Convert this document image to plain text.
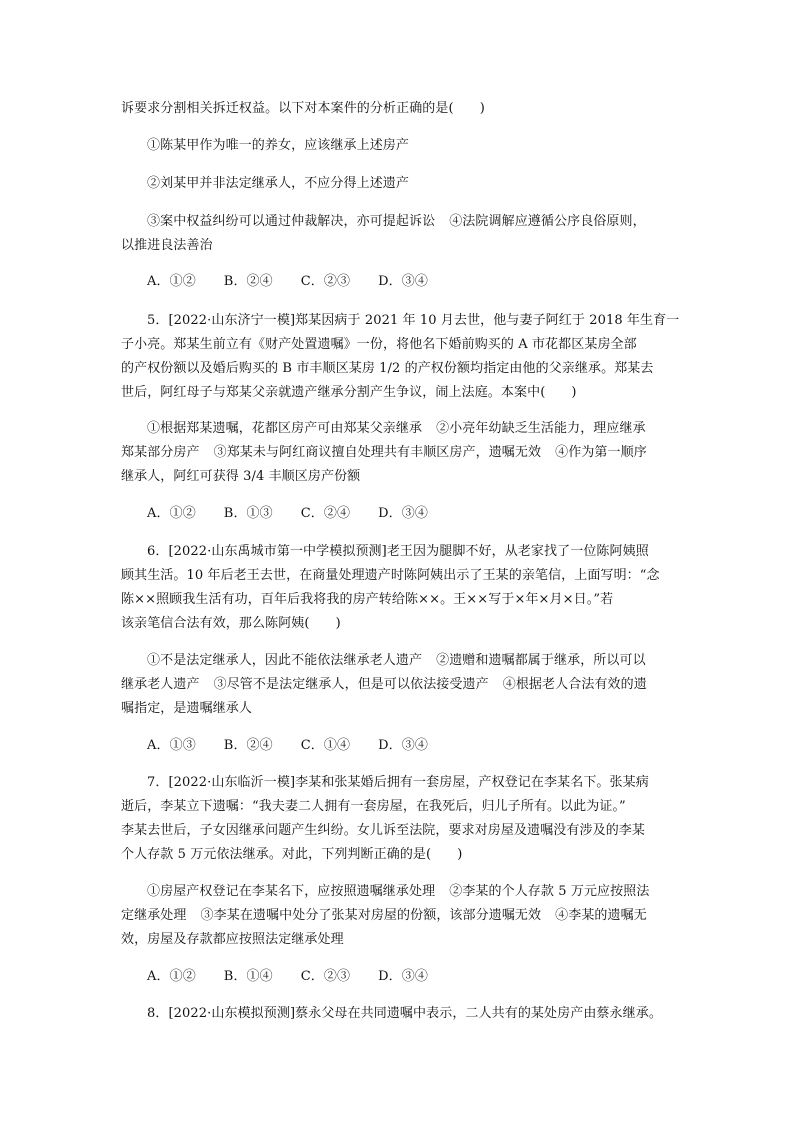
诉要求分割相关拆迁权益。以下对本案件的分析正确的是( )
①陈某甲作为唯一的养女，应该继承上述房产
②刘某甲并非法定继承人，不应分得上述遗产
③案中权益纠纷可以通过仲裁解决，亦可提起诉讼 ④法院调解应遵循公序良俗原则，
以推进良法善治
A．①② B．②④ C．②③ D．③④
5．[2022·山东济宁一模]郑某因病于 2021 年 10 月去世，他与妻子阿红于 2018 年生育一
子小亮。郑某生前立有《财产处置遗嘱》一份，将他名下婚前购买的 A 市花都区某房全部
的产权份额以及婚后购买的 B 市丰顺区某房 1/2 的产权份额均指定由他的父亲继承。郑某去
世后，阿红母子与郑某父亲就遗产继承分割产生争议，闹上法庭。本案中( )
①根据郑某遗嘱，花都区房产可由郑某父亲继承 ②小亮年幼缺乏生活能力，理应继承
郑某部分房产 ③郑某未与阿红商议擅自处理共有丰顺区房产，遗嘱无效 ④作为第一顺序
继承人，阿红可获得 3/4 丰顺区房产份额
A．①② B．①③ C．②④ D．③④
6．[2022·山东禹城市第一中学模拟预测]老王因为腿脚不好，从老家找了一位陈阿姨照
顾其生活。10 年后老王去世，在商量处理遗产时陈阿姨出示了王某的亲笔信，上面写明：“念
陈××照顾我生活有功，百年后我将我的房产转给陈××。王××写于×年×月×日。”若
该亲笔信合法有效，那么陈阿姨( )
①不是法定继承人，因此不能依法继承老人遗产 ②遗赠和遗嘱都属于继承，所以可以
继承老人遗产 ③尽管不是法定继承人，但是可以依法接受遗产 ④根据老人合法有效的遗
嘱指定，是遗嘱继承人
A．①③ B．②④ C．①④ D．③④
7．[2022·山东临沂一模]李某和张某婚后拥有一套房屋，产权登记在李某名下。张某病
逝后，李某立下遗嘱：“我夫妻二人拥有一套房屋，在我死后，归儿子所有。以此为证。”
李某去世后，子女因继承问题产生纠纷。女儿诉至法院，要求对房屋及遗嘱没有涉及的李某
个人存款 5 万元依法继承。对此，下列判断正确的是( )
①房屋产权登记在李某名下，应按照遗嘱继承处理 ②李某的个人存款 5 万元应按照法
定继承处理 ③李某在遗嘱中处分了张某对房屋的份额，该部分遗嘱无效 ④李某的遗嘱无
效，房屋及存款都应按照法定继承处理
A．①② B．①④ C．②③ D．③④
8．[2022·山东模拟预测]蔡永父母在共同遗嘱中表示，二人共有的某处房产由蔡永继承。
